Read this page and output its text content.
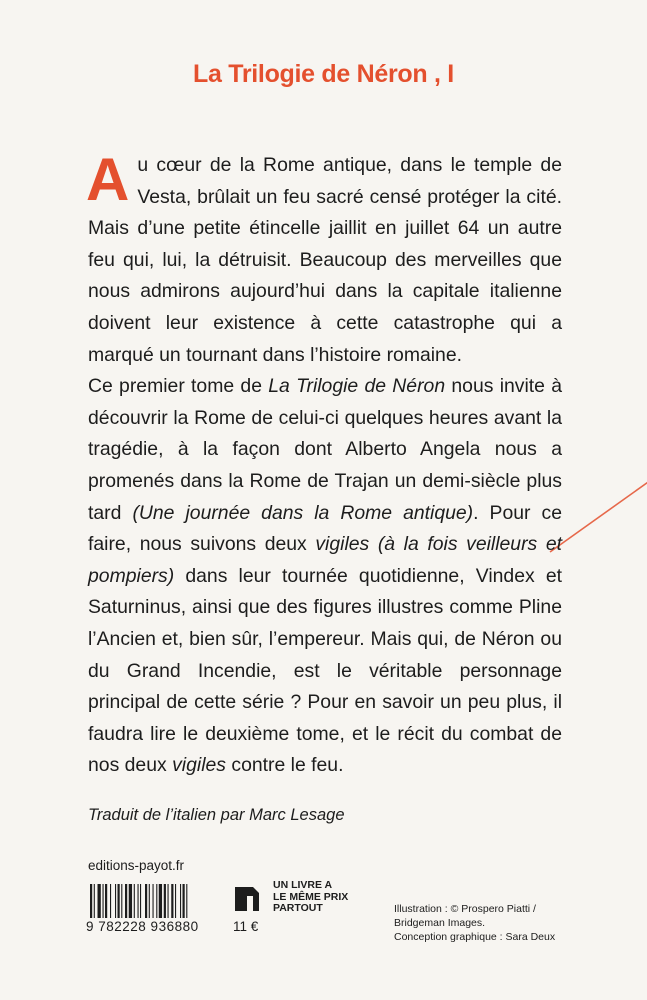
La Trilogie de Néron , I

Au cœur de la Rome antique, dans le temple de Vesta, brûlait un feu sacré censé protéger la cité. Mais d’une petite étincelle jaillit en juillet 64 un autre feu qui, lui, la détruisit. Beaucoup des merveilles que nous admirons aujourd’hui dans la capitale italienne doivent leur existence à cette catastrophe qui a marqué un tournant dans l’histoire romaine.

Ce premier tome de La Trilogie de Néron nous invite à découvrir la Rome de celui-ci quelques heures avant la tragédie, à la façon dont Alberto Angela nous a promenés dans la Rome de Trajan un demi-siècle plus tard (Une journée dans la Rome antique). Pour ce faire, nous suivons deux vigiles (à la fois veilleurs et pompiers) dans leur tournée quotidienne, Vindex et Saturninus, ainsi que des figures illustres comme Pline l’Ancien et, bien sûr, l’empereur. Mais qui, de Néron ou du Grand Incendie, est le véritable personnage principal de cette série ? Pour en savoir un peu plus, il faudra lire le deuxième tome, et le récit du combat de nos deux vigiles contre le feu.

Traduit de l’italien par Marc Lesage
editions-payot.fr
9 782228 936880
UN LIVRE A
LE MÊME PRIX
PARTOUT
11 €
Illustration : © Prospero Piatti /
Bridgeman Images.
Conception graphique : Sara Deux
